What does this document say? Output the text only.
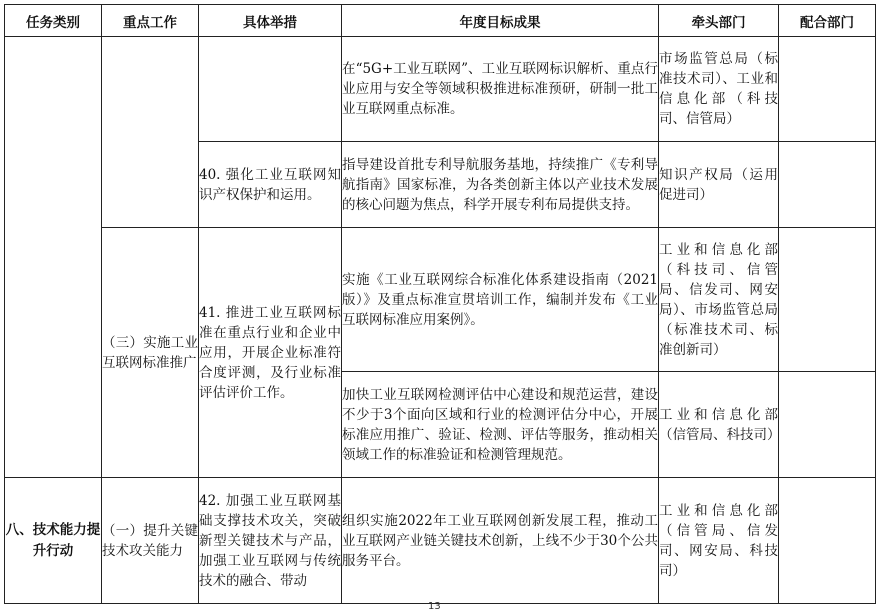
任务类别	重点工作	具体举措	年度目标成果	牵头部门	配合部门

			在“5G+工业互联网”、工业互联网标识解析、重点行业应用与安全等领域积极推进标准预研，研制一批工业互联网重点标准。	市场监管总局（标准技术司）、工业和信息化部（科技司、信管局）	

		40. 强化工业互联网知识产权保护和运用。	指导建设首批专利导航服务基地，持续推广《专利导航指南》国家标准，为各类创新主体以产业技术发展的核心问题为焦点，科学开展专利布局提供支持。	知识产权局（运用促进司）	

	（三）实施工业互联网标准推广	41. 推进工业互联网标准在重点行业和企业中应用，开展企业标准符合度评测，及行业标准评估评价工作。	实施《工业互联网综合标准化体系建设指南（2021版）》及重点标准宣贯培训工作，编制并发布《工业互联网标准应用案例》。	工业和信息化部（科技司、信管局、信发司、网安局）、市场监管总局（标准技术司、标准创新司）	

			加快工业互联网检测评估中心建设和规范运营，建设不少于3个面向区域和行业的检测评估分中心，开展标准应用推广、验证、检测、评估等服务，推动相关领域工作的标准验证和检测管理规范。	工业和信息化部（信管局、科技司）	

八、技术能力提升行动	（一）提升关键技术攻关能力	42. 加强工业互联网基础支撑技术攻关，突破新型关键技术与产品，加强工业互联网与传统技术的融合、带动	组织实施2022年工业互联网创新发展工程，推动工业互联网产业链关键技术创新，上线不少于30个公共服务平台。	工业和信息化部（信管局、信发司、网安局、科技司）	

13
